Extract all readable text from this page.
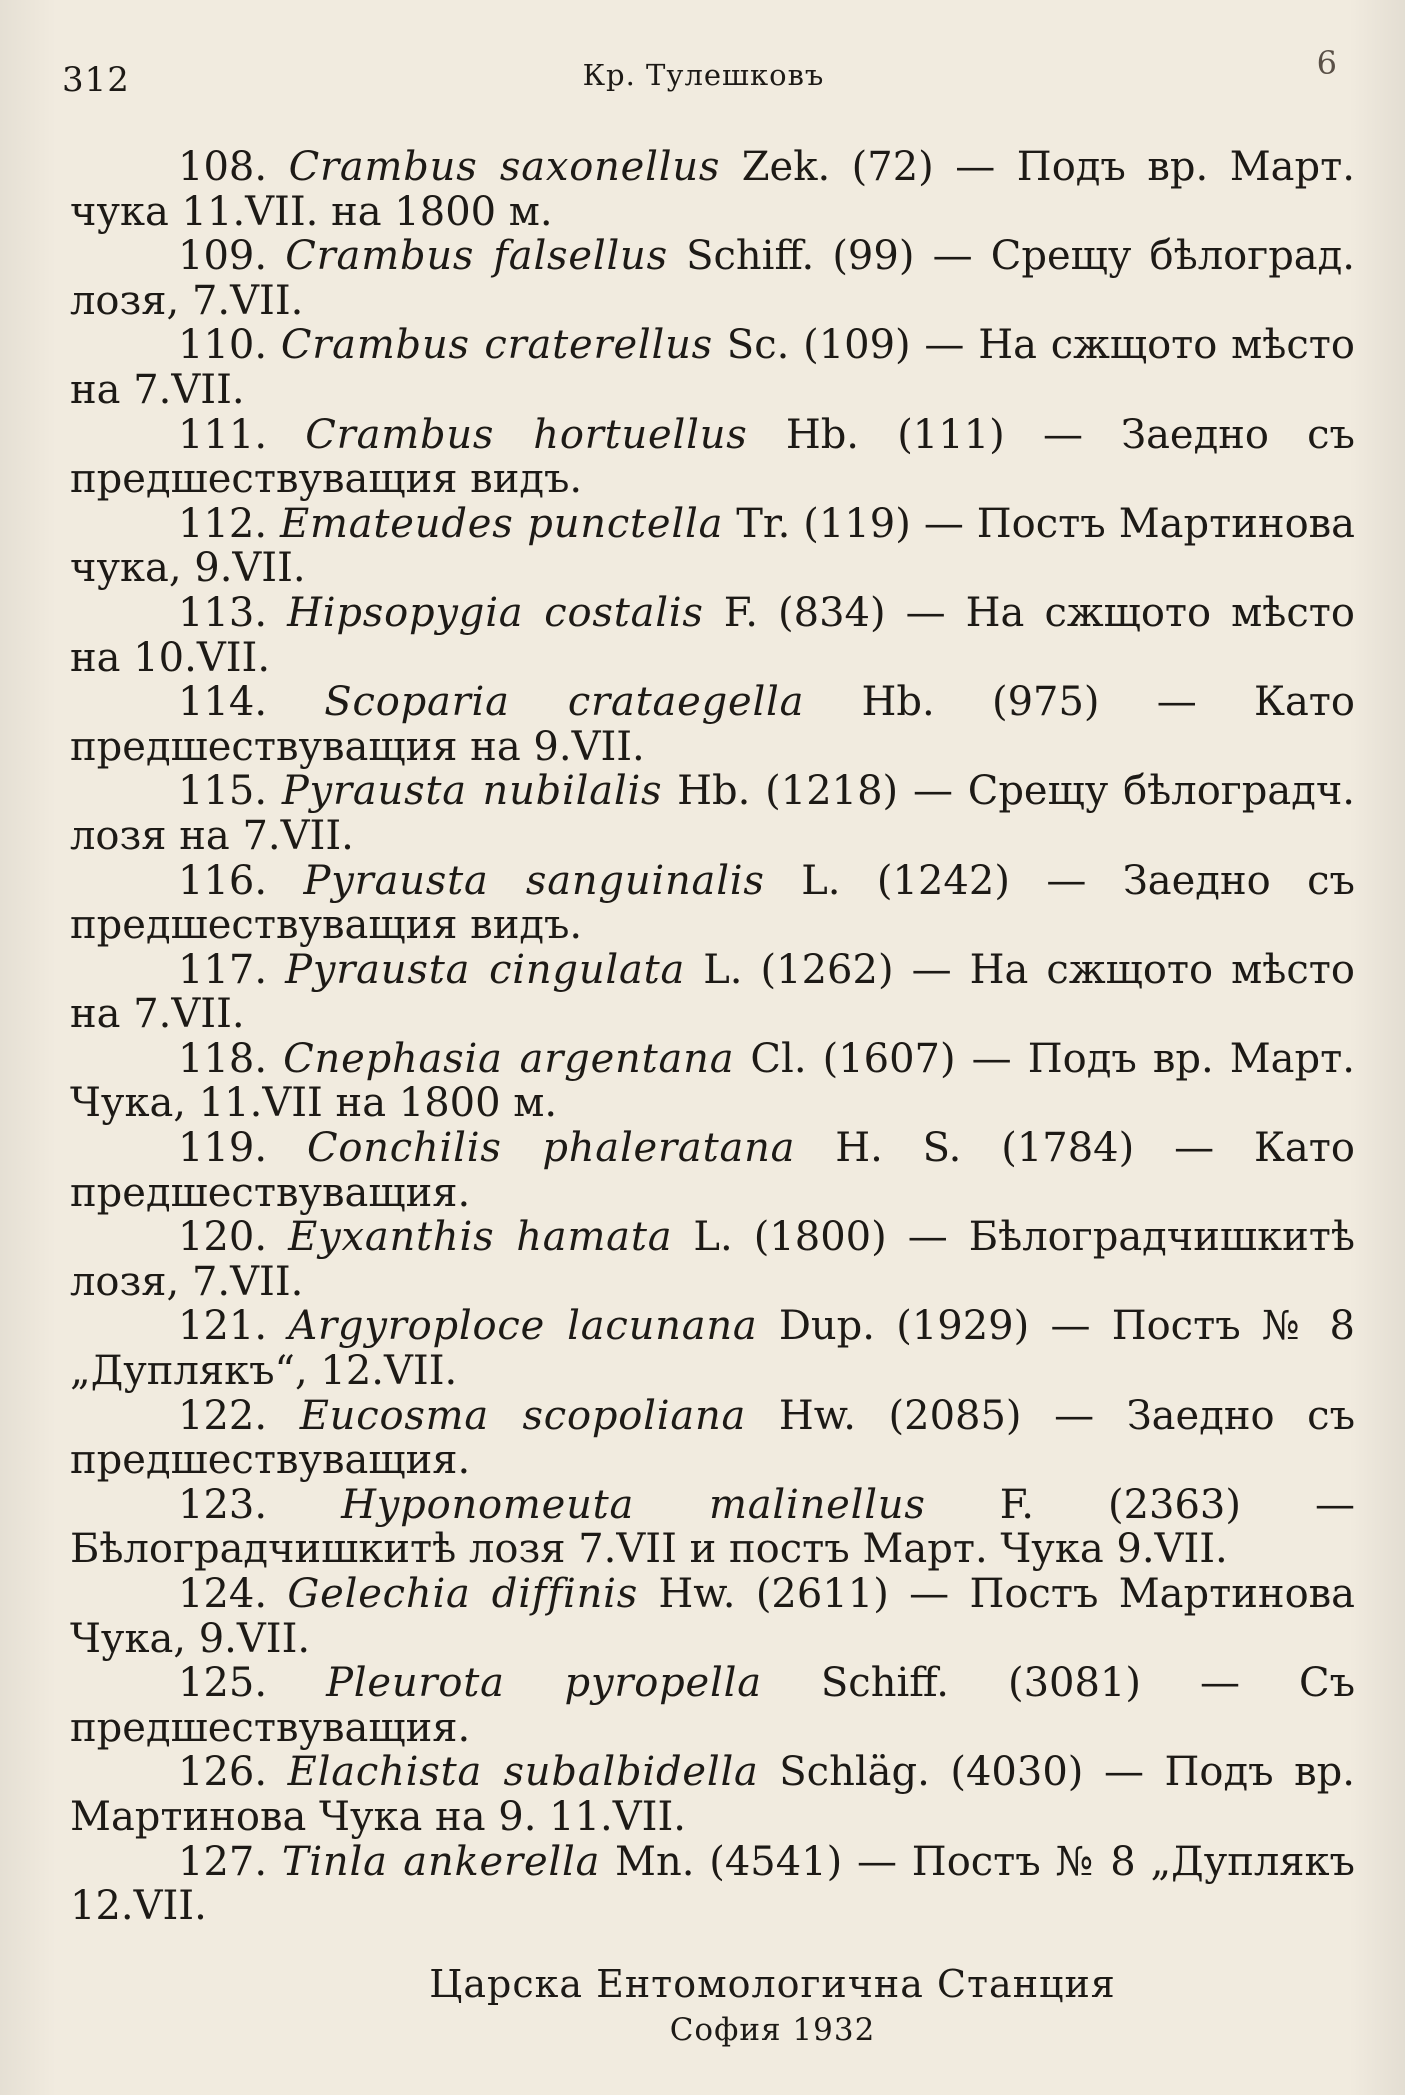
312	Кр. Тулешковъ	6

108. Crambus saxonellus Zek. (72) — Подъ вр. Март. чука 11.VII. на 1800 м.

109. Crambus falsellus Schiff. (99) — Срещу бѣлоград. лозя, 7.VII.

110. Crambus craterellus Sc. (109) — На сжщото мѣсто на 7.VII.

111. Crambus hortuellus Hb. (111) — Заедно съ предшествуващия видъ.

112. Emateudes punctella Tr. (119) — Постъ Мартинова чука, 9.VII.

113. Hipsopygia costalis F. (834) — На сжщото мѣсто на 10.VII.

114. Scoparia crataegella Hb. (975) — Като предшествуващия на 9.VII.

115. Pyrausta nubilalis Hb. (1218) — Срещу бѣлоградч. лозя на 7.VII.

116. Pyrausta sanguinalis L. (1242) — Заедно съ предшествуващия видъ.

117. Pyrausta cingulata L. (1262) — На сжщото мѣсто на 7.VII.

118. Cnephasia argentana Cl. (1607) — Подъ вр. Март. Чука, 11.VII на 1800 м.

119. Conchilis phaleratana H. S. (1784) — Като предшествуващия.

120. Eyxanthis hamata L. (1800) — Бѣлоградчишкитѣ лозя, 7.VII.

121. Argyroploce lacunana Dup. (1929) — Постъ № 8 „Дуплякъ“, 12.VII.

122. Eucosma scopoliana Hw. (2085) — Заедно съ предшествуващия.

123. Hyponomeuta malinellus F. (2363) — Бѣлоградчишкитѣ лозя 7.VII и постъ Март. Чука 9.VII.

124. Gelechia diffinis Hw. (2611) — Постъ Мартинова Чука, 9.VII.

125. Pleurota pyropella Schiff. (3081) — Съ предшествуващия.

126. Elachista subalbidella Schläg. (4030) — Подъ вр. Мартинова Чука на 9. 11.VII.

127. Tinla ankerella Mn. (4541) — Постъ № 8 „Дуплякъ 12.VII.

Царска Ентомологична Станция
София 1932
